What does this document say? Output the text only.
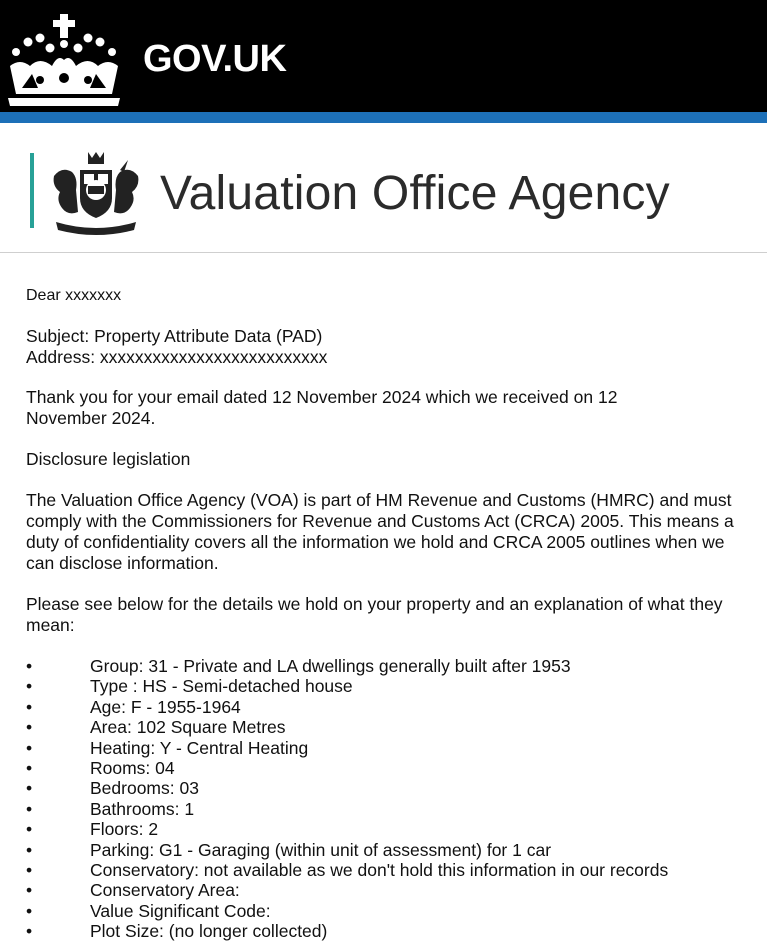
GOV.UK
Valuation Office Agency

Dear xxxxxxx

Subject: Property Attribute Data (PAD)
Address: xxxxxxxxxxxxxxxxxxxxxxxxxx

Thank you for your email dated 12 November 2024 which we received on 12 November 2024.

Disclosure legislation

The Valuation Office Agency (VOA) is part of HM Revenue and Customs (HMRC) and must comply with the Commissioners for Revenue and Customs Act (CRCA) 2005. This means a duty of confidentiality covers all the information we hold and CRCA 2005 outlines when we can disclose information.

Please see below for the details we hold on your property and an explanation of what they mean:

•	Group: 31 - Private and LA dwellings generally built after 1953
•	Type : HS - Semi-detached house
•	Age: F - 1955-1964
•	Area: 102 Square Metres
•	Heating: Y - Central Heating
•	Rooms: 04
•	Bedrooms: 03
•	Bathrooms: 1
•	Floors: 2
•	Parking: G1 - Garaging (within unit of assessment) for 1 car
•	Conservatory: not available as we don't hold this information in our records
•	Conservatory Area:
•	Value Significant Code:
•	Plot Size: (no longer collected)
